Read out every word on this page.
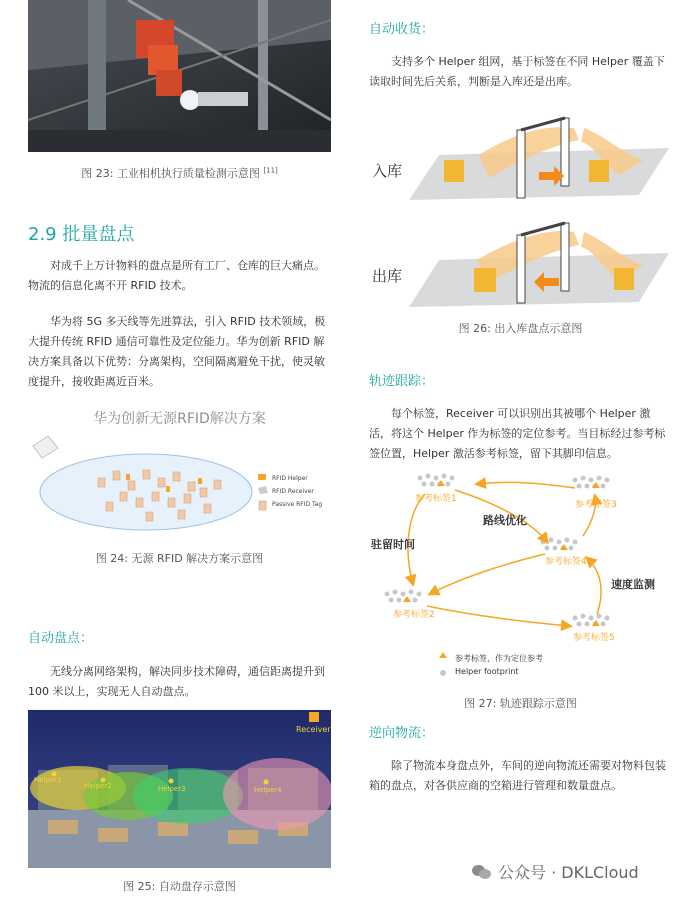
图 23: 工业相机执行质量检测示意图 [11]
2.9 批量盘点
对成千上万计物料的盘点是所有工厂、仓库的巨大痛点。物流的信息化离不开 RFID 技术。
华为将 5G 多天线等先进算法，引入 RFID 技术领域，极大提升传统 RFID 通信可靠性及定位能力。华为创新 RFID 解决方案具备以下优势：分离架构，空间隔离避免干扰，使灵敏度提升，接收距离近百米。
华为创新无源RFID解决方案
RFID Helper
RFID Receiver
Passive RFID Tag
图 24: 无源 RFID 解决方案示意图
自动盘点：
无线分离网络架构，解决同步技术障碍，通信距离提升到 100 米以上，实现无人自动盘点。
Receiver
Helper1
Helper2	Helper3	Helper4
图 25: 自动盘存示意图
自动收货：
支持多个 Helper 组网，基于标签在不同 Helper 覆盖下读取时间先后关系，判断是入库还是出库。
入库
出库
图 26: 出入库盘点示意图
轨迹跟踪：
每个标签，Receiver 可以识别出其被哪个 Helper 激活，将这个 Helper 作为标签的定位参考。当目标经过参考标签位置，Helper 激活参考标签，留下其脚印信息。
参考标签1
参考标签3
参考标签4
参考标签2
参考标签5
路线优化
驻留时间
速度监测
参考标签，作为定位参考
Helper footprint
图 27: 轨迹跟踪示意图
逆向物流：
除了物流本身盘点外，车间的逆向物流还需要对物料包装箱的盘点，对各供应商的空箱进行管理和数量盘点。
公众号 · DKLCloud
